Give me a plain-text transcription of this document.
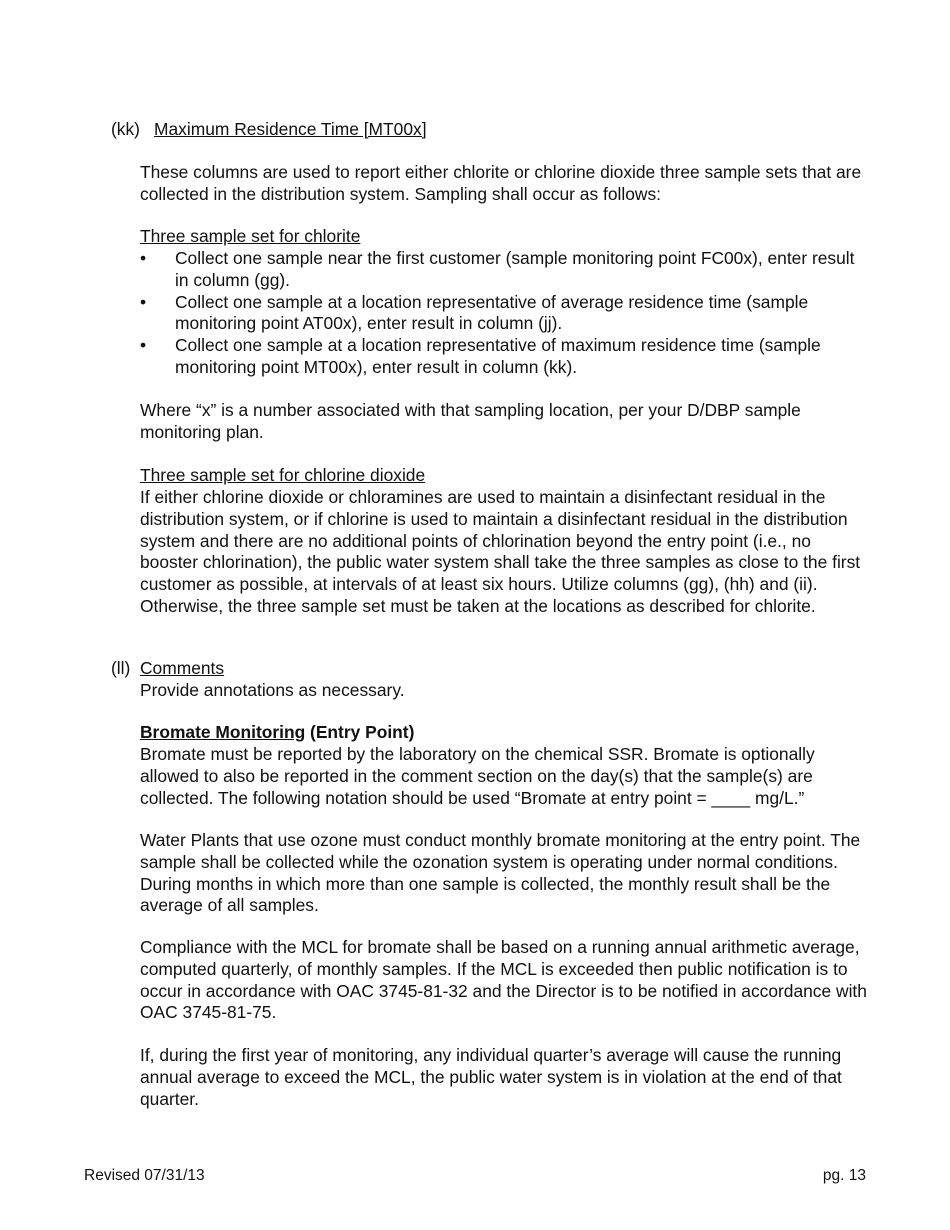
(kk) Maximum Residence Time [MT00x]

These columns are used to report either chlorite or chlorine dioxide three sample sets that are collected in the distribution system. Sampling shall occur as follows:

Three sample set for chlorite

• Collect one sample near the first customer (sample monitoring point FC00x), enter result in column (gg).
• Collect one sample at a location representative of average residence time (sample monitoring point AT00x), enter result in column (jj).
• Collect one sample at a location representative of maximum residence time (sample monitoring point MT00x), enter result in column (kk).

Where “x” is a number associated with that sampling location, per your D/DBP sample monitoring plan.

Three sample set for chlorine dioxide

If either chlorine dioxide or chloramines are used to maintain a disinfectant residual in the distribution system, or if chlorine is used to maintain a disinfectant residual in the distribution system and there are no additional points of chlorination beyond the entry point (i.e., no booster chlorination), the public water system shall take the three samples as close to the first customer as possible, at intervals of at least six hours. Utilize columns (gg), (hh) and (ii). Otherwise, the three sample set must be taken at the locations as described for chlorite.

(ll) Comments

Provide annotations as necessary.

Bromate Monitoring (Entry Point)

Bromate must be reported by the laboratory on the chemical SSR. Bromate is optionally allowed to also be reported in the comment section on the day(s) that the sample(s) are collected. The following notation should be used “Bromate at entry point = ____ mg/L.”

Water Plants that use ozone must conduct monthly bromate monitoring at the entry point. The sample shall be collected while the ozonation system is operating under normal conditions. During months in which more than one sample is collected, the monthly result shall be the average of all samples.

Compliance with the MCL for bromate shall be based on a running annual arithmetic average, computed quarterly, of monthly samples. If the MCL is exceeded then public notification is to occur in accordance with OAC 3745-81-32 and the Director is to be notified in accordance with OAC 3745-81-75.

If, during the first year of monitoring, any individual quarter’s average will cause the running annual average to exceed the MCL, the public water system is in violation at the end of that quarter.

Revised 07/31/13	pg. 13
